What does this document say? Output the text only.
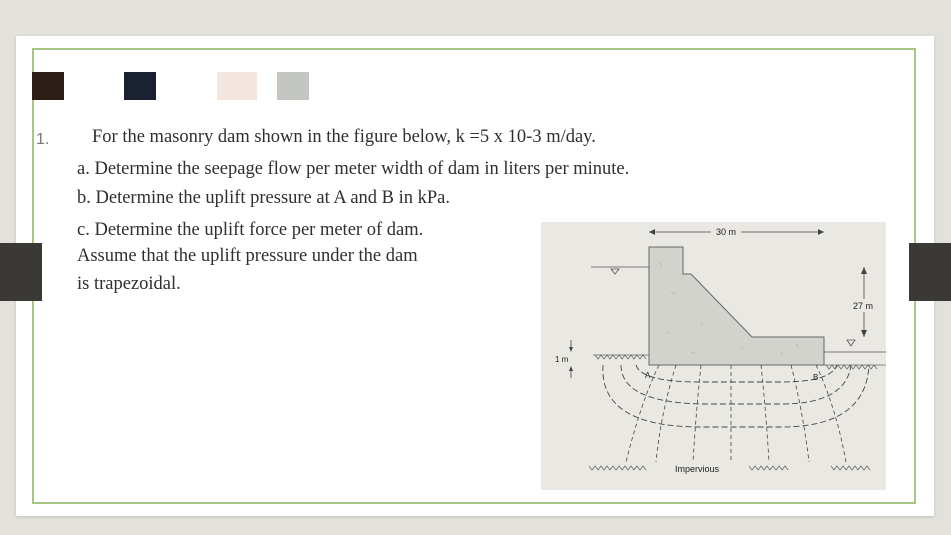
1. For the masonry dam shown in the figure below, k =5 x 10-3 m/day.
a. Determine the seepage flow per meter width of dam in liters per minute.
b. Determine the uplift pressure at A and B in kPa.
c. Determine the uplift force per meter of dam.
Assume that the uplift pressure under the dam
is trapezoidal.
30 m
27 m
1 m
A	B
Impervious
